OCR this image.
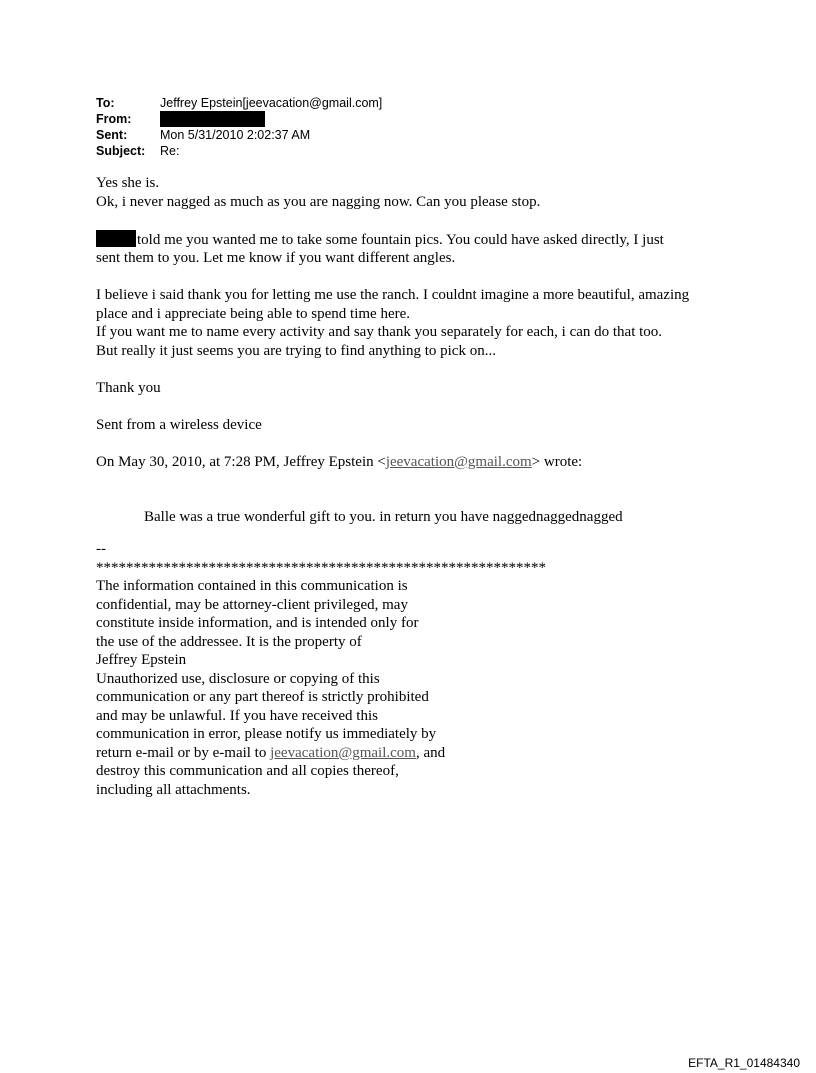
To:	Jeffrey Epstein[jeevacation@gmail.com]
From:
Sent:	Mon 5/31/2010 2:02:37 AM
Subject:	Re:

Yes she is.

Ok, i never nagged as much as you are nagging now. Can you please stop.

told me you wanted me to take some fountain pics. You could have asked directly, I just

sent them to you. Let me know if you want different angles.

I believe i said thank you for letting me use the ranch. I couldnt imagine a more beautiful, amazing

place and i appreciate being able to spend time here.

If you want me to name every activity and say thank you separately for each, i can do that too.

But really it just seems you are trying to find anything to pick on...

Thank you

Sent from a wireless device

On May 30, 2010, at 7:28 PM, Jeffrey Epstein <jeevacation@gmail.com> wrote:

Balle was a true wonderful gift to you. in return you have naggednaggednagged

--

************************************************************

The information contained in this communication is

confidential, may be attorney-client privileged, may

constitute inside information, and is intended only for

the use of the addressee. It is the property of

Jeffrey Epstein

Unauthorized use, disclosure or copying of this

communication or any part thereof is strictly prohibited

and may be unlawful. If you have received this

communication in error, please notify us immediately by

return e-mail or by e-mail to jeevacation@gmail.com, and

destroy this communication and all copies thereof,

including all attachments.

EFTA_R1_01484340
